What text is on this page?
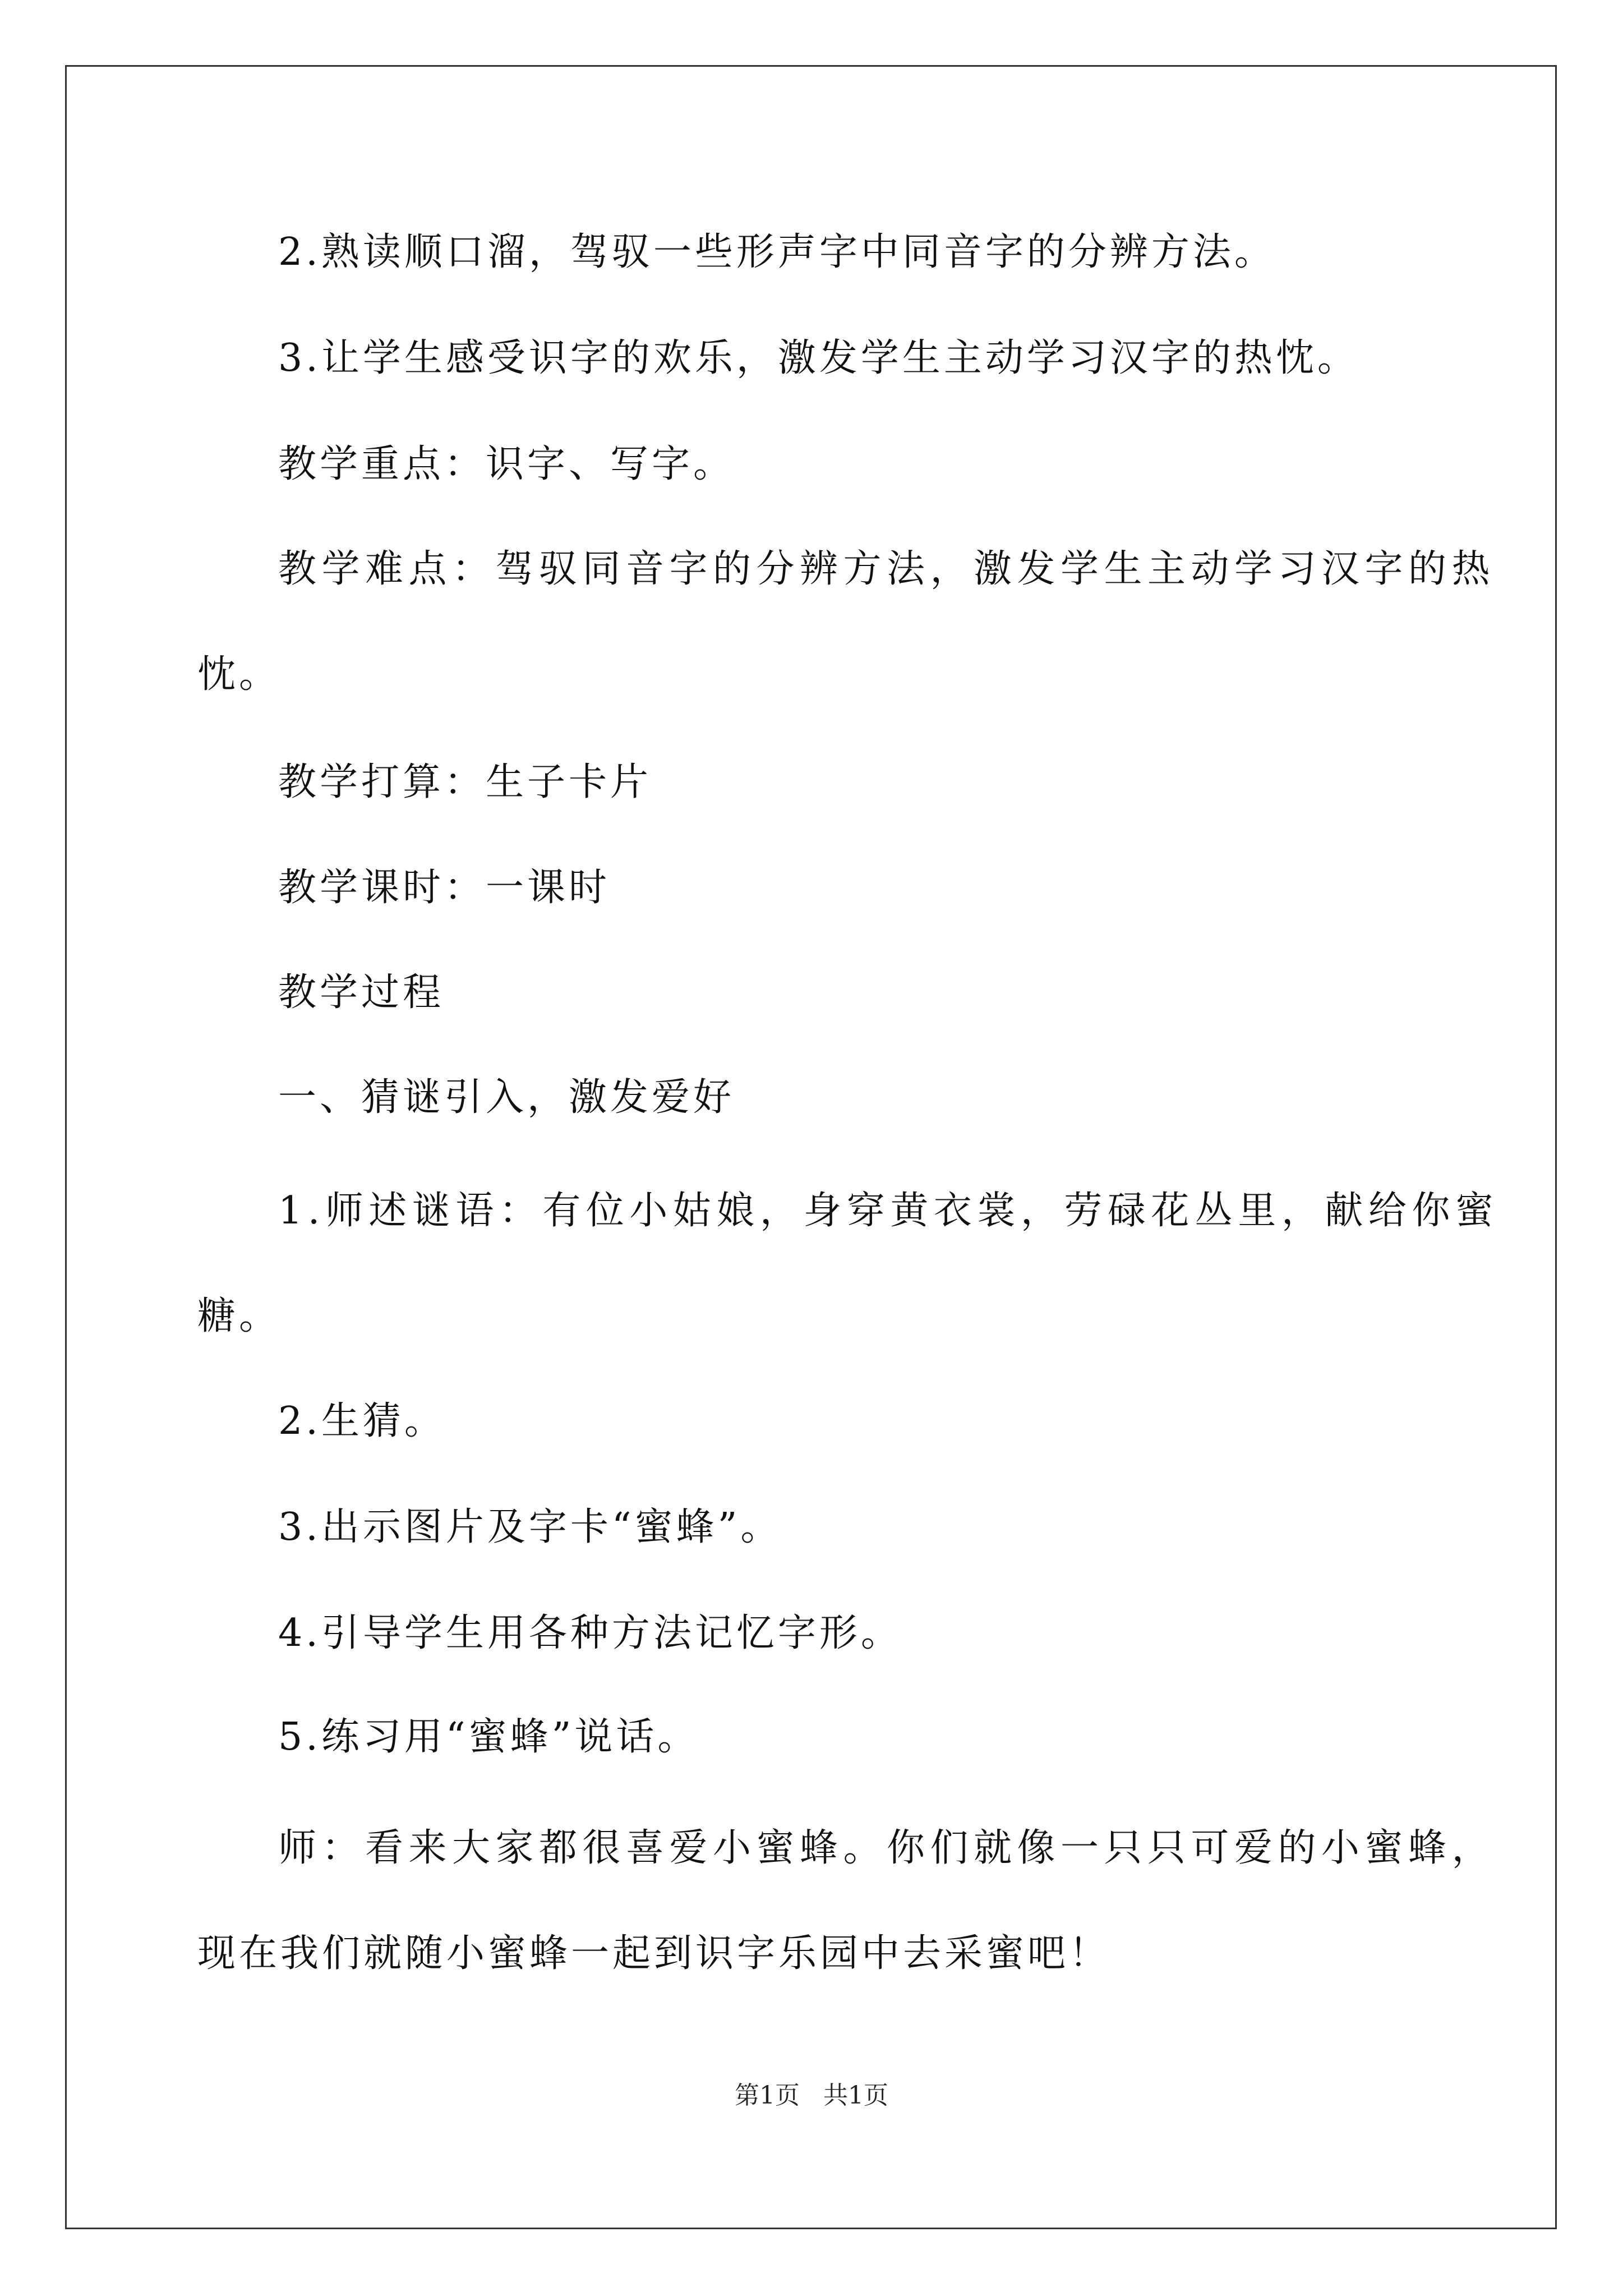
2.熟读顺口溜，驾驭一些形声字中同音字的分辨方法。
3.让学生感受识字的欢乐，激发学生主动学习汉字的热忱。
教学重点：识字、写字。
教学难点：驾驭同音字的分辨方法，激发学生主动学习汉字的热
忱。
教学打算：生子卡片
教学课时：一课时
教学过程
一、猜谜引入，激发爱好
1.师述谜语：有位小姑娘，身穿黄衣裳，劳碌花丛里，献给你蜜
糖。
2.生猜。
3.出示图片及字卡“蜜蜂”。
4.引导学生用各种方法记忆字形。
5.练习用“蜜蜂”说话。
师：看来大家都很喜爱小蜜蜂。你们就像一只只可爱的小蜜蜂，
现在我们就随小蜜蜂一起到识字乐园中去采蜜吧！
第1页 共1页
